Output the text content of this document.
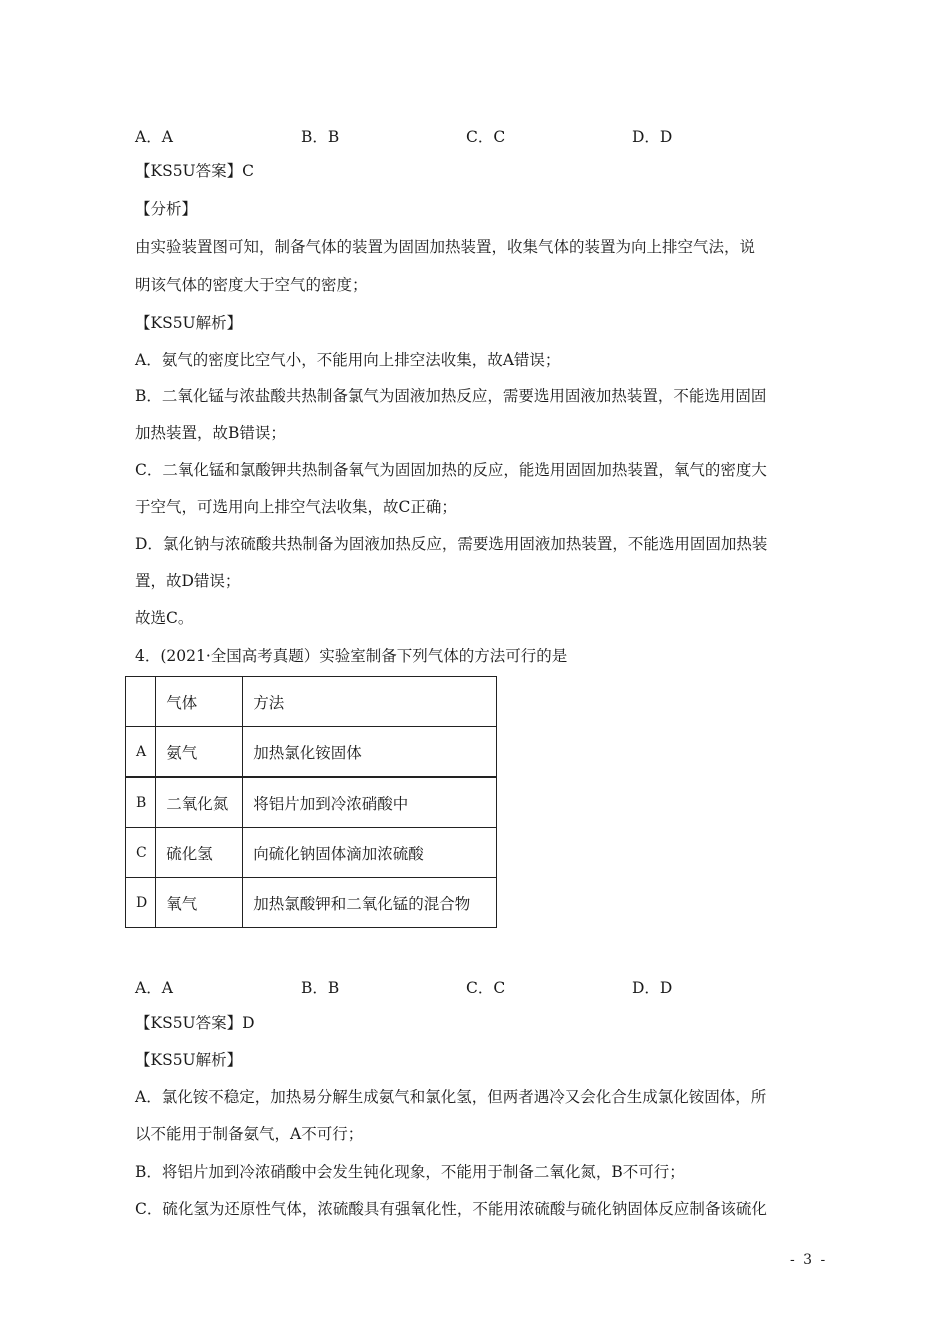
A．A	B．B	C．C	D．D
【KS5U答案】C
【分析】
由实验装置图可知，制备气体的装置为固固加热装置，收集气体的装置为向上排空气法，说
明该气体的密度大于空气的密度；
【KS5U解析】
A．氨气的密度比空气小，不能用向上排空法收集，故A错误；
B．二氧化锰与浓盐酸共热制备氯气为固液加热反应，需要选用固液加热装置，不能选用固固
加热装置，故B错误；
C．二氧化锰和氯酸钾共热制备氧气为固固加热的反应，能选用固固加热装置，氧气的密度大
于空气，可选用向上排空气法收集，故C正确；
D．氯化钠与浓硫酸共热制备为固液加热反应，需要选用固液加热装置，不能选用固固加热装
置，故D错误；
故选C。
4．(2021·全国高考真题）实验室制备下列气体的方法可行的是
	气体	方法
A	氨气	加热氯化铵固体
B	二氧化氮	将铝片加到冷浓硝酸中
C	硫化氢	向硫化钠固体滴加浓硫酸
D	氧气	加热氯酸钾和二氧化锰的混合物
A．A	B．B	C．C	D．D
【KS5U答案】D
【KS5U解析】
A．氯化铵不稳定，加热易分解生成氨气和氯化氢，但两者遇冷又会化合生成氯化铵固体，所
以不能用于制备氨气，A不可行；
B．将铝片加到冷浓硝酸中会发生钝化现象，不能用于制备二氧化氮，B不可行；
C．硫化氢为还原性气体，浓硫酸具有强氧化性，不能用浓硫酸与硫化钠固体反应制备该硫化
- 3 -
